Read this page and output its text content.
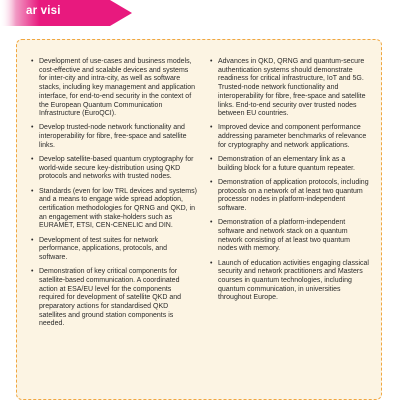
ar visi
• Development of use-cases and business models, cost-effective and scalable devices and systems for inter-city and intra-city, as well as software stacks, including key management and application interface, for end-to-end security in the context of the European Quantum Communication Infrastructure (EuroQCI).
• Develop trusted-node network functionality and interoperability for fibre, free-space and satellite links.
• Develop satellite-based quantum cryptography for world-wide secure key-distribution using QKD protocols and networks with trusted nodes.
• Standards (even for low TRL devices and systems) and a means to engage wide spread adoption, certification methodologies for QRNG and QKD, in an engagement with stake-holders such as EURAMET, ETSI, CEN-CENELIC and DIN.
• Development of test suites for network performance, applications, protocols, and software.
• Demonstration of key critical components for satellite-based communication. A coordinated action at ESA/EU level for the components required for development of satellite QKD and preparatory actions for standardised QKD satellites and ground station components is needed.
• Advances in QKD, QRNG and quantum-secure authentication systems should demonstrate readiness for critical infrastructure, IoT and 5G. Trusted-node network functionality and interoperability for fibre, free-space and satellite links. End-to-end security over trusted nodes between EU countries.
• Improved device and component performance addressing parameter benchmarks of relevance for cryptography and network applications.
• Demonstration of an elementary link as a building block for a future quantum repeater.
• Demonstration of application protocols, including protocols on a network of at least two quantum processor nodes in platform-independent software.
• Demonstration of a platform-independent software and network stack on a quantum network consisting of at least two quantum nodes with memory.
• Launch of education activities engaging classical security and network practitioners and Masters courses in quantum technologies, including quantum communication, in universities throughout Europe.
